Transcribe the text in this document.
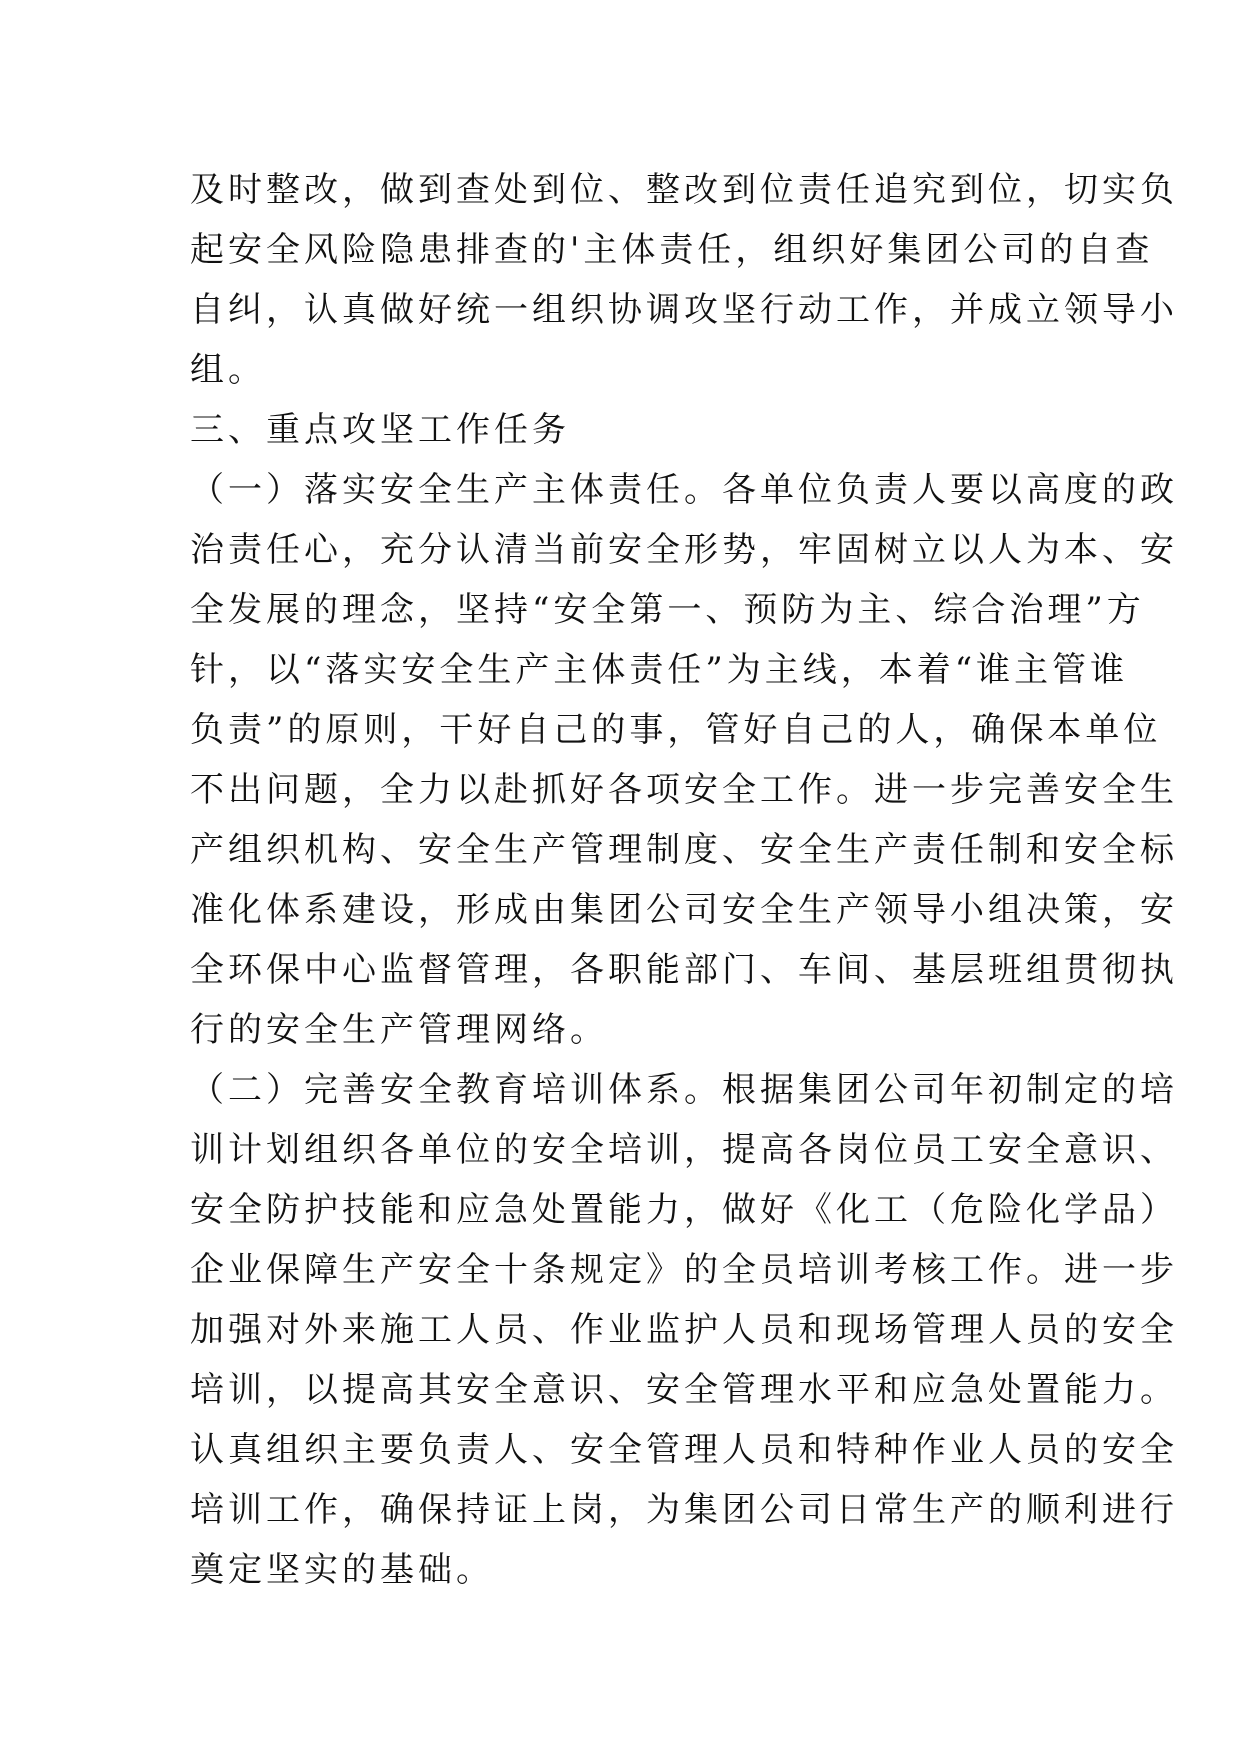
及时整改，做到查处到位、整改到位责任追究到位，切实负
起安全风险隐患排查的'主体责任，组织好集团公司的自查
自纠，认真做好统一组织协调攻坚行动工作，并成立领导小
组。
三、重点攻坚工作任务
（一）落实安全生产主体责任。各单位负责人要以高度的政
治责任心，充分认清当前安全形势，牢固树立以人为本、安
全发展的理念，坚持“安全第一、预防为主、综合治理”方
针，以“落实安全生产主体责任”为主线，本着“谁主管谁
负责”的原则，干好自己的事，管好自己的人，确保本单位
不出问题，全力以赴抓好各项安全工作。进一步完善安全生
产组织机构、安全生产管理制度、安全生产责任制和安全标
准化体系建设，形成由集团公司安全生产领导小组决策，安
全环保中心监督管理，各职能部门、车间、基层班组贯彻执
行的安全生产管理网络。
（二）完善安全教育培训体系。根据集团公司年初制定的培
训计划组织各单位的安全培训，提高各岗位员工安全意识、
安全防护技能和应急处置能力，做好《化工（危险化学品）
企业保障生产安全十条规定》的全员培训考核工作。进一步
加强对外来施工人员、作业监护人员和现场管理人员的安全
培训，以提高其安全意识、安全管理水平和应急处置能力。
认真组织主要负责人、安全管理人员和特种作业人员的安全
培训工作，确保持证上岗，为集团公司日常生产的顺利进行
奠定坚实的基础。
